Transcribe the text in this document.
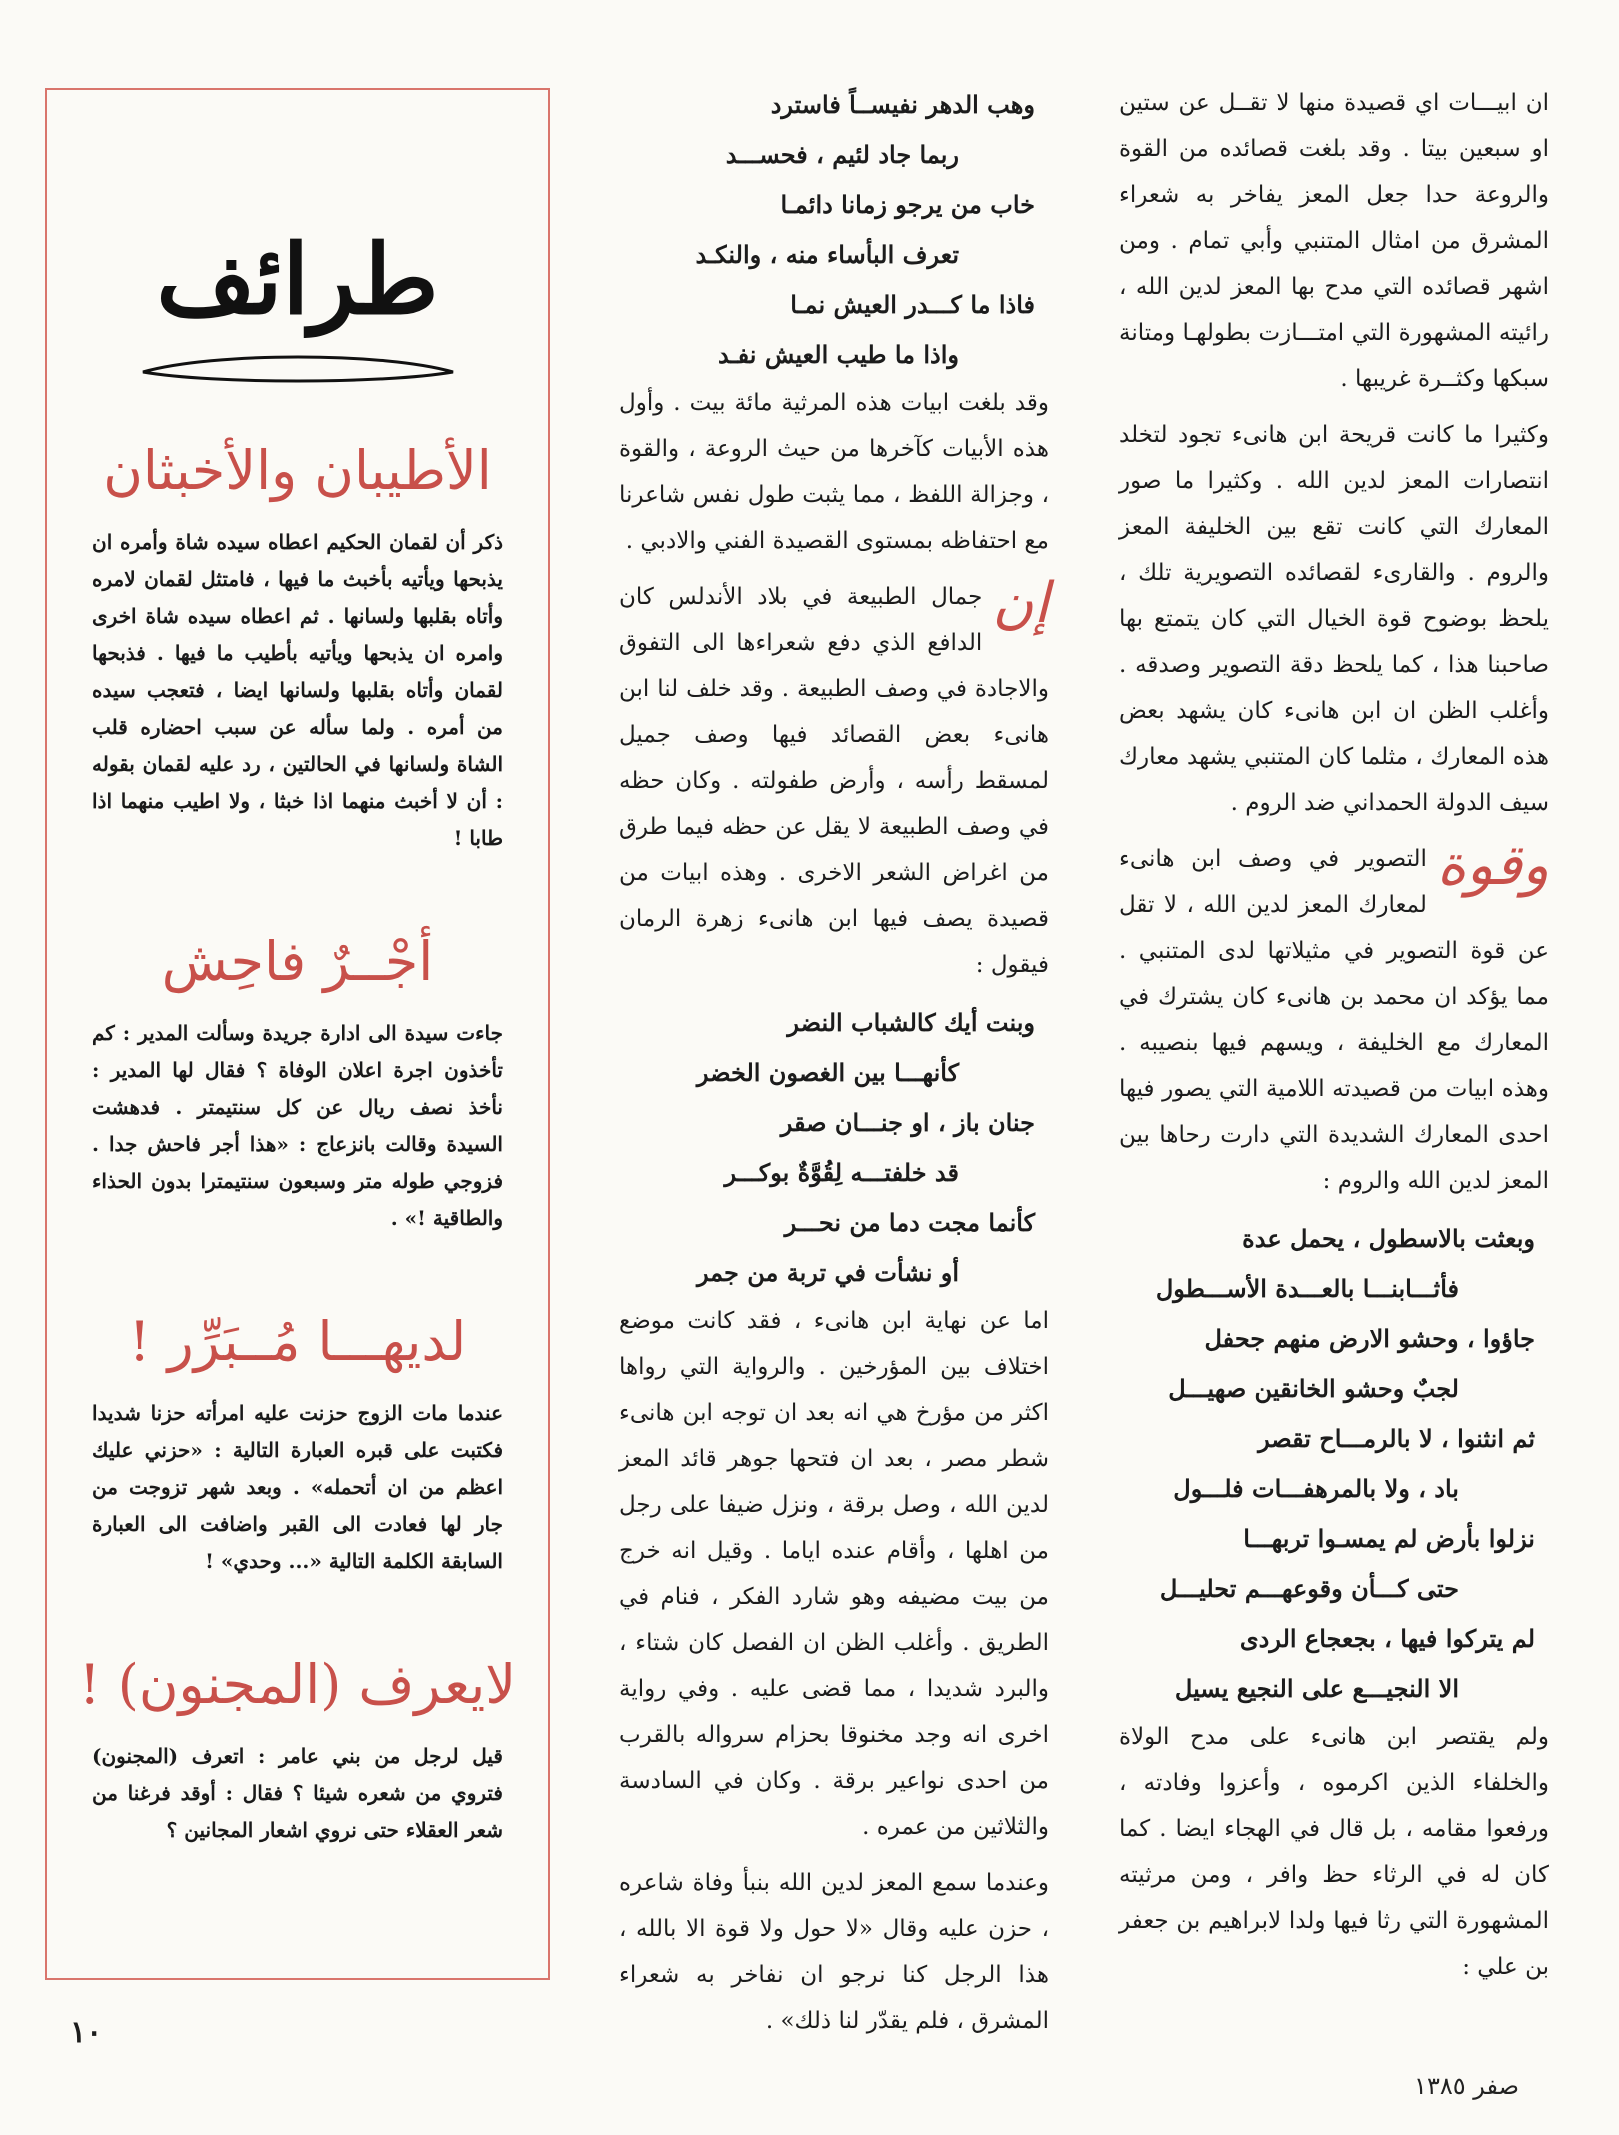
ان ابيـــات اي قصيدة منها لا تقــل عن ستين او سبعين بيتا . وقد بلغت قصائده من القوة والروعة حدا جعل المعز يفاخر به شعراء المشرق من امثال المتنبي وأبي تمام . ومن اشهر قصائده التي مدح بها المعز لدين الله ، رائيته المشهورة التي امتـــازت بطولهـا ومتانة سبكها وكثــرة غريبها .

وكثيرا ما كانت قريحة ابن هانىء تجود لتخلد انتصارات المعز لدين الله . وكثيرا ما صور المعارك التي كانت تقع بين الخليفة المعز والروم . والقارىء لقصائده التصويرية تلك ، يلحظ بوضوح قوة الخيال التي كان يتمتع بها صاحبنا هذا ، كما يلحظ دقة التصوير وصدقه . وأغلب الظن ان ابن هانىء كان يشهد بعض هذه المعارك ، مثلما كان المتنبي يشهد معارك سيف الدولة الحمداني ضد الروم .

وقوة
التصوير في وصف ابن هانىء لمعارك المعز لدين الله ، لا تقل عن قوة التصوير في مثيلاتها لدى المتنبي . مما يؤكد ان محمد بن هانىء كان يشترك في المعارك مع الخليفة ، ويسهم فيها بنصيبه . وهذه ابيات من قصيدته اللامية التي يصور فيها احدى المعارك الشديدة التي دارت رحاها بين المعز لدين الله والروم :

وبعثت بالاسطول ، يحمل عدة
فأثـــابنـــا بالعـــدة الأســـطول
جاؤوا ، وحشو الارض منهم جحفل
لجبٌ وحشو الخانقين صهيـــل
ثم انثنوا ، لا بالرمـــاح تقصر
باد ، ولا بالمرهفـــات فلـــول
نزلوا بأرض لم يمسـوا تربهـــا
حتى كـــأن وقوعهـــم تحليـــل
لم يتركوا فيها ، بجعجاع الردى
الا النجيـــع على النجيع يسيل

ولم يقتصر ابن هانىء على مدح الولاة والخلفاء الذين اكرموه ، وأعزوا وفادته ، ورفعوا مقامه ، بل قال في الهجاء ايضا . كما كان له في الرثاء حظ وافر ، ومن مرثيته المشهورة التي رثا فيها ولدا لابراهيم بن جعفر بن علي :

وهب الدهر نفيســاً فاسترد
ربما جاد لئيم ، فحســـد
خاب من يرجو زمانا دائمـا
تعرف البأساء منه ، والنكـد
فاذا ما كـــدر العيش نمـا
واذا ما طيب العيش نفـد

وقد بلغت ابيات هذه المرثية مائة بيت . وأول هذه الأبيات كآخرها من حيث الروعة ، والقوة ، وجزالة اللفظ ، مما يثبت طول نفس شاعرنا مع احتفاظه بمستوى القصيدة الفني والادبي .

إن
جمال الطبيعة في بلاد الأندلس كان الدافع الذي دفع شعراءها الى التفوق والاجادة في وصف الطبيعة . وقد خلف لنا ابن هانىء بعض القصائد فيها وصف جميل لمسقط رأسه ، وأرض طفولته . وكان حظه في وصف الطبيعة لا يقل عن حظه فيما طرق من اغراض الشعر الاخرى . وهذه ابيات من قصيدة يصف فيها ابن هانىء زهرة الرمان فيقول :

وبنت أيك كالشباب النضر
كأنهـــا بين الغصون الخضر
جنان باز ، او جنـــان صقر
قد خلفتـــه لِقُوَّةٌ بوكـــر
كأنما مجت دما من نحـــر
أو نشأت في تربة من جمر

اما عن نهاية ابن هانىء ، فقد كانت موضع اختلاف بين المؤرخين . والرواية التي رواها اكثر من مؤرخ هي انه بعد ان توجه ابن هانىء شطر مصر ، بعد ان فتحها جوهر قائد المعز لدين الله ، وصل برقة ، ونزل ضيفا على رجل من اهلها ، وأقام عنده اياما . وقيل انه خرج من بيت مضيفه وهو شارد الفكر ، فنام في الطريق . وأغلب الظن ان الفصل كان شتاء ، والبرد شديدا ، مما قضى عليه . وفي رواية اخرى انه وجد مخنوقا بحزام سرواله بالقرب من احدى نواعير برقة . وكان في السادسة والثلاثين من عمره .

وعندما سمع المعز لدين الله بنبأ وفاة شاعره ، حزن عليه وقال «لا حول ولا قوة الا بالله ، هذا الرجل كنا نرجو ان نفاخر به شعراء المشرق ، فلم يقدّر لنا ذلك» .

طرائف
الأطيبان والأخبثان
ذكر أن لقمان الحكيم اعطاه سيده شاة وأمره ان يذبحها ويأتيه بأخبث ما فيها ، فامتثل لقمان لامره وأتاه بقلبها ولسانها . ثم اعطاه سيده شاة اخرى وامره ان يذبحها ويأتيه بأطيب ما فيها . فذبحها لقمان وأتاه بقلبها ولسانها ايضا ، فتعجب سيده من أمره . ولما سأله عن سبب احضاره قلب الشاة ولسانها في الحالتين ، رد عليه لقمان بقوله : أن لا أخبث منهما اذا خبثا ، ولا اطيب منهما اذا طابا !
أجْــرٌ فاحِش
جاءت سيدة الى ادارة جريدة وسألت المدير : كم تأخذون اجرة اعلان الوفاة ؟ فقال لها المدير : نأخذ نصف ريال عن كل سنتيمتر . فدهشت السيدة وقالت بانزعاج : «هذا أجر فاحش جدا . فزوجي طوله متر وسبعون سنتيمترا بدون الحذاء والطاقية !» .
لديهـــا مُــبَرِّر !
عندما مات الزوج حزنت عليه امرأته حزنا شديدا فكتبت على قبره العبارة التالية : «حزني عليك اعظم من ان أتحمله» . وبعد شهر تزوجت من جار لها فعادت الى القبر واضافت الى العبارة السابقة الكلمة التالية «... وحدي» !
لايعرف (المجنون) !
قيل لرجل من بني عامر : اتعرف (المجنون) فتروي من شعره شيئا ؟ فقال : أوقد فرغنا من شعر العقلاء حتى نروي اشعار المجانين ؟
١٠
صفر ١٣٨٥
